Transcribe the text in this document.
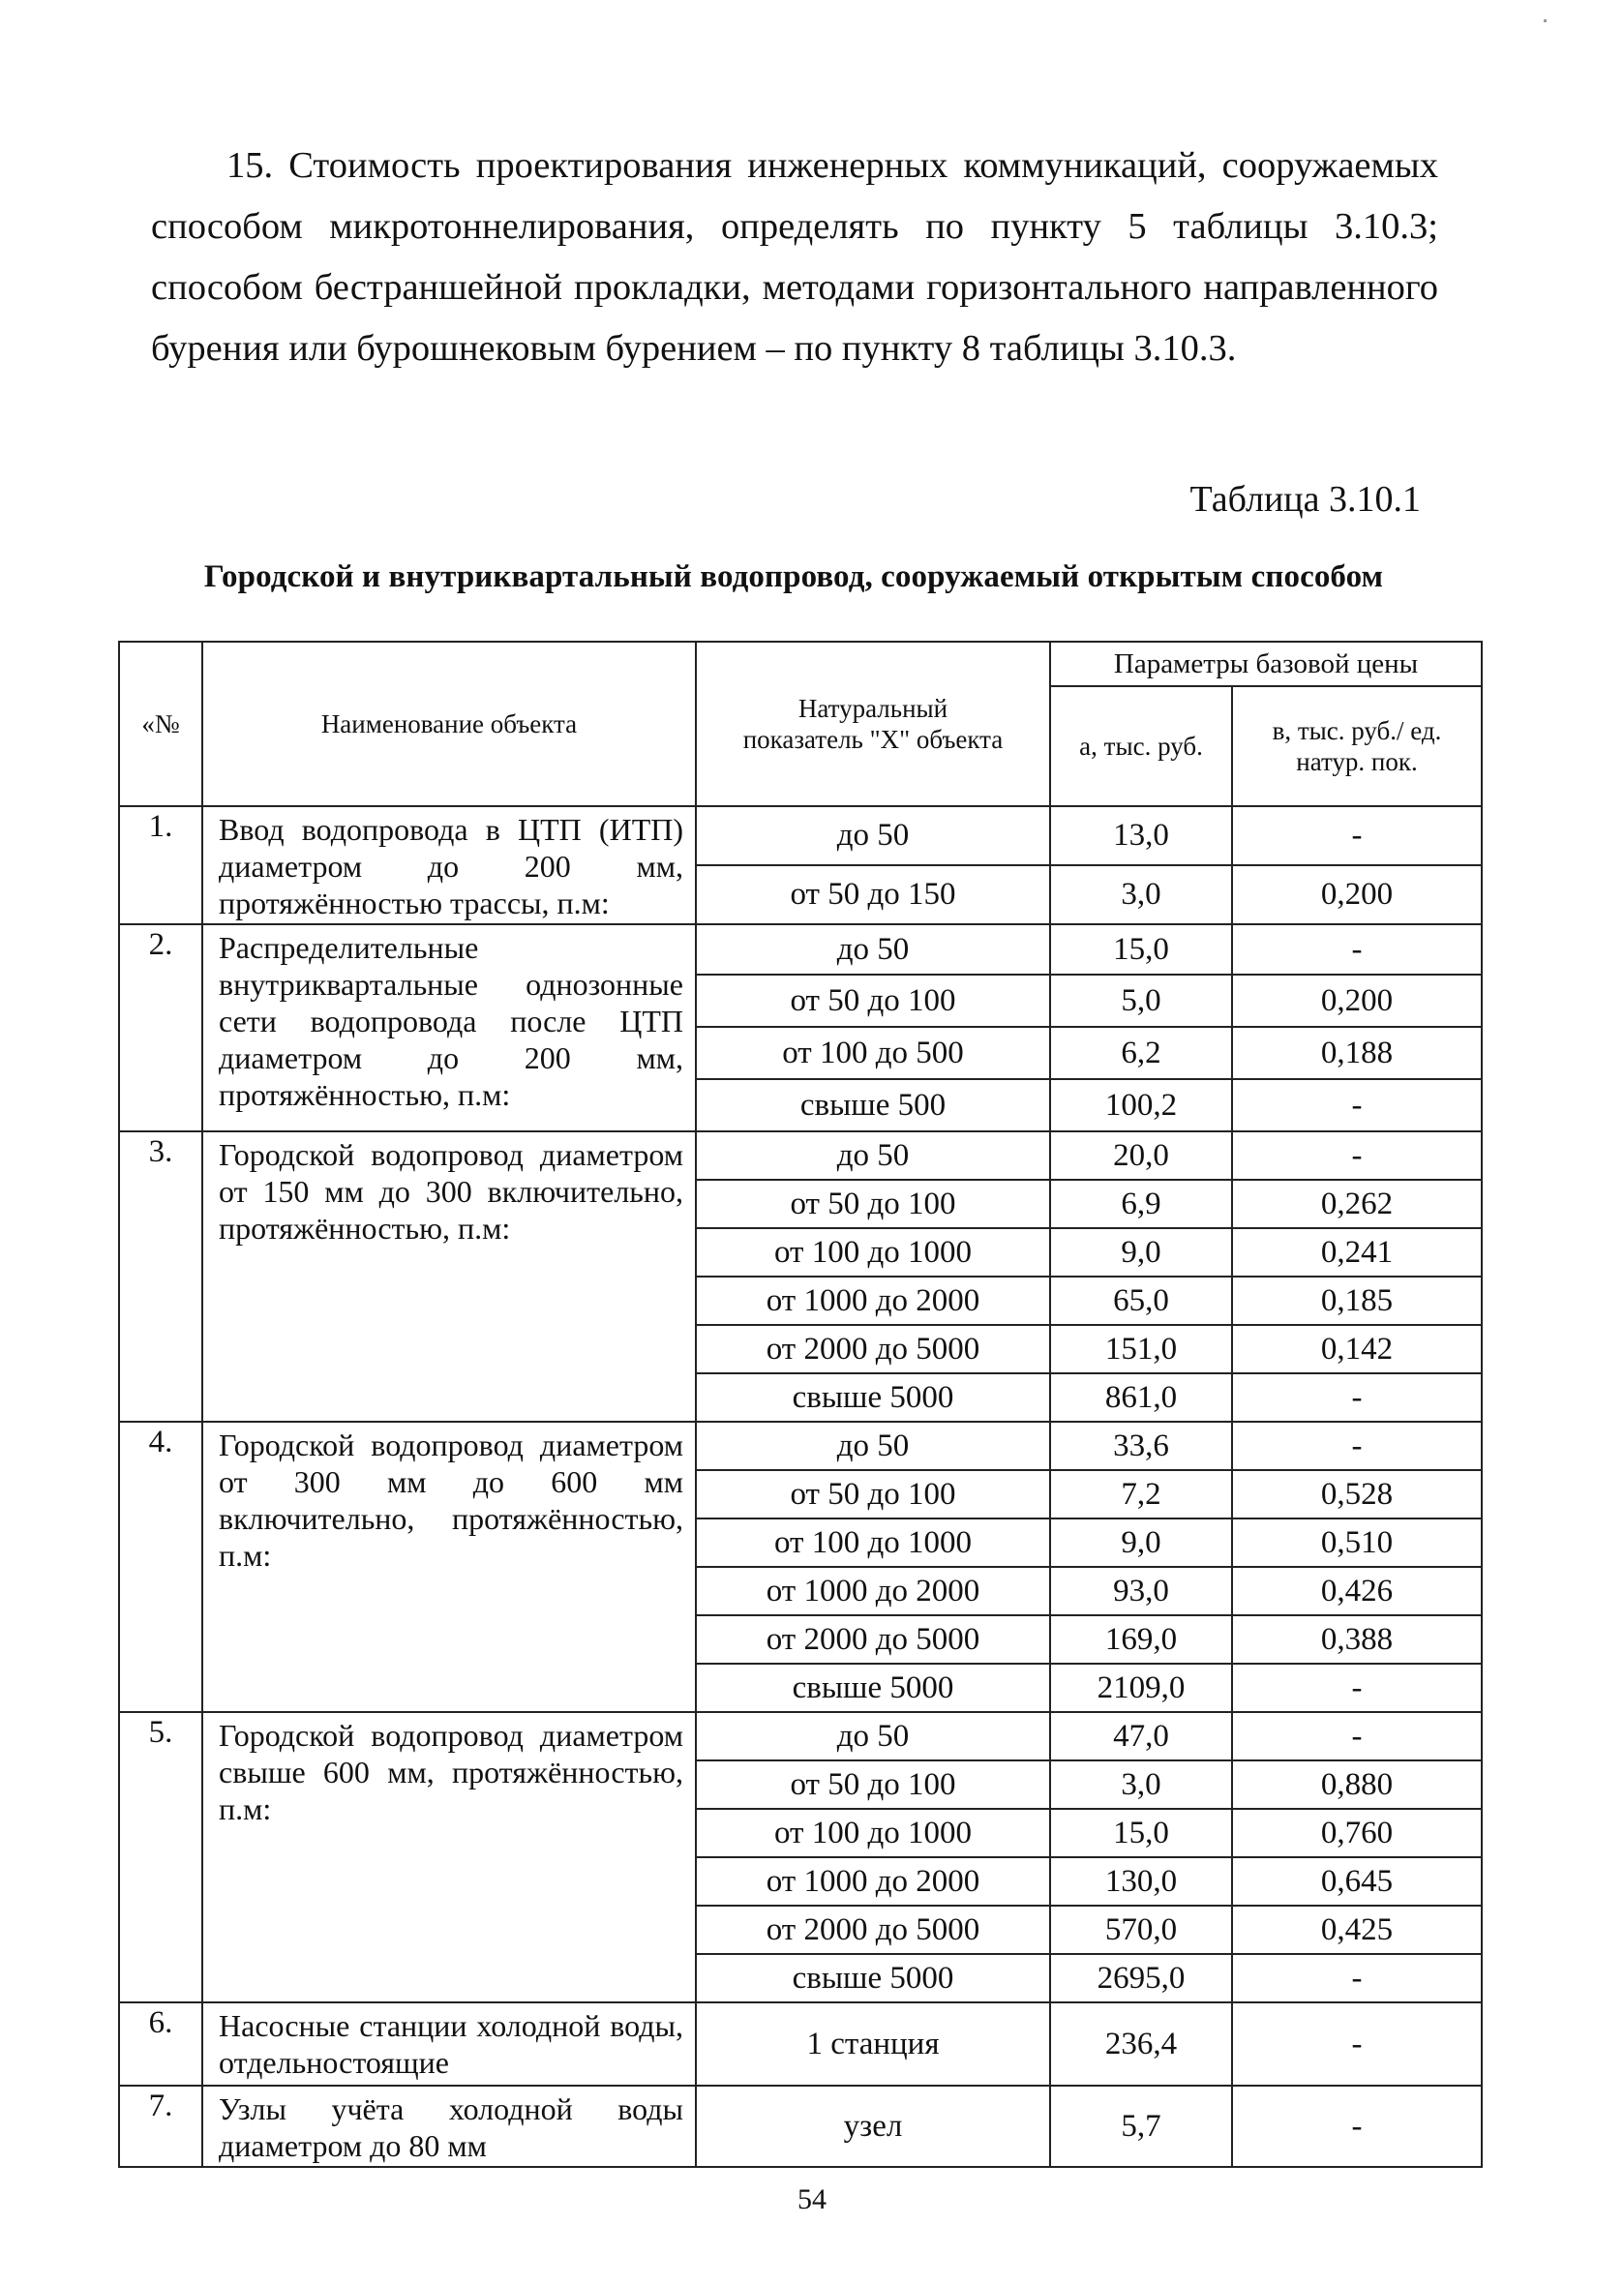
15. Стоимость проектирования инженерных коммуникаций, сооружаемых способом микротоннелирования, определять по пункту 5 таблицы 3.10.3; способом бестраншейной прокладки, методами горизонтального направленного бурения или бурошнековым бурением – по пункту 8 таблицы 3.10.3.

Таблица 3.10.1

Городской и внутриквартальный водопровод, сооружаемый открытым способом

«№	Наименование объекта	Натуральный показатель "X" объекта	Параметры базовой цены	
			а, тыс. руб.	в, тыс. руб./ ед. натур. пок.
1.	Ввод водопровода в ЦТП (ИТП) диаметром до 200 мм, протяжённостью трассы, п.м:	до 50	13,0	-
		от 50 до 150	3,0	0,200
2.	Распределительные внутриквартальные однозонные сети водопровода после ЦТП диаметром до 200 мм, протяжённостью, п.м:	до 50	15,0	-
		от 50 до 100	5,0	0,200
		от 100 до 500	6,2	0,188
		свыше 500	100,2	-
3.	Городской водопровод диаметром от 150 мм до 300 включительно, протяжённостью, п.м:	до 50	20,0	-
		от 50 до 100	6,9	0,262
		от 100 до 1000	9,0	0,241
		от 1000 до 2000	65,0	0,185
		от 2000 до 5000	151,0	0,142
		свыше 5000	861,0	-
4.	Городской водопровод диаметром от 300 мм до 600 мм включительно, протяжённостью, п.м:	до 50	33,6	-
		от 50 до 100	7,2	0,528
		от 100 до 1000	9,0	0,510
		от 1000 до 2000	93,0	0,426
		от 2000 до 5000	169,0	0,388
		свыше 5000	2109,0	-
5.	Городской водопровод диаметром свыше 600 мм, протяжённостью, п.м:	до 50	47,0	-
		от 50 до 100	3,0	0,880
		от 100 до 1000	15,0	0,760
		от 1000 до 2000	130,0	0,645
		от 2000 до 5000	570,0	0,425
		свыше 5000	2695,0	-
6.	Насосные станции холодной воды, отдельностоящие	1 станция	236,4	-
7.	Узлы учёта холодной воды диаметром до 80 мм	узел	5,7	-

54
